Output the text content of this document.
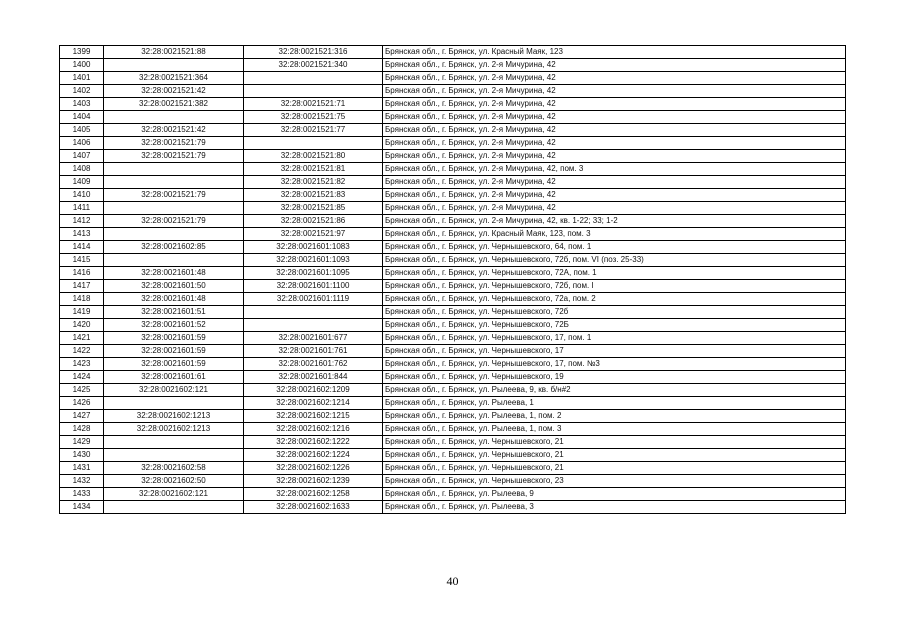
1399	32:28:0021521:88	32:28:0021521:316	Брянская обл., г. Брянск, ул. Красный Маяк, 123
1400		32:28:0021521:340	Брянская обл., г. Брянск, ул. 2-я Мичурина, 42
1401	32:28:0021521:364		Брянская обл., г. Брянск, ул. 2-я Мичурина, 42
1402	32:28:0021521:42		Брянская обл., г. Брянск, ул. 2-я Мичурина, 42
1403	32:28:0021521:382	32:28:0021521:71	Брянская обл., г. Брянск, ул. 2-я Мичурина, 42
1404		32:28:0021521:75	Брянская обл., г. Брянск, ул. 2-я Мичурина, 42
1405	32:28:0021521:42	32:28:0021521:77	Брянская обл., г. Брянск, ул. 2-я Мичурина, 42
1406	32:28:0021521:79		Брянская обл., г. Брянск, ул. 2-я Мичурина, 42
1407	32:28:0021521:79	32:28:0021521:80	Брянская обл., г. Брянск, ул. 2-я Мичурина, 42
1408		32:28:0021521:81	Брянская обл., г. Брянск, ул. 2-я Мичурина, 42, пом. 3
1409		32:28:0021521:82	Брянская обл., г. Брянск, ул. 2-я Мичурина, 42
1410	32:28:0021521:79	32:28:0021521:83	Брянская обл., г. Брянск, ул. 2-я Мичурина, 42
1411		32:28:0021521:85	Брянская обл., г. Брянск, ул. 2-я Мичурина, 42
1412	32:28:0021521:79	32:28:0021521:86	Брянская обл., г. Брянск, ул. 2-я Мичурина, 42, кв. 1-22; 33; 1-2
1413		32:28:0021521:97	Брянская обл., г. Брянск, ул. Красный Маяк, 123, пом. 3
1414	32:28:0021602:85	32:28:0021601:1083	Брянская обл., г. Брянск, ул. Чернышевского, 64, пом. 1
1415		32:28:0021601:1093	Брянская обл., г. Брянск, ул. Чернышевского, 72б, пом. VI (поз. 25-33)
1416	32:28:0021601:48	32:28:0021601:1095	Брянская обл., г. Брянск, ул. Чернышевского, 72А, пом. 1
1417	32:28:0021601:50	32:28:0021601:1100	Брянская обл., г. Брянск, ул. Чернышевского, 72б, пом. I
1418	32:28:0021601:48	32:28:0021601:1119	Брянская обл., г. Брянск, ул. Чернышевского, 72а, пом. 2
1419	32:28:0021601:51		Брянская обл., г. Брянск, ул. Чернышевского, 72б
1420	32:28:0021601:52		Брянская обл., г. Брянск, ул. Чернышевского, 72Б
1421	32:28:0021601:59	32:28:0021601:677	Брянская обл., г. Брянск, ул. Чернышевского, 17, пом. 1
1422	32:28:0021601:59	32:28:0021601:761	Брянская обл., г. Брянск, ул. Чернышевского, 17
1423	32:28:0021601:59	32:28:0021601:762	Брянская обл., г. Брянск, ул. Чернышевского, 17, пом. №3
1424	32:28:0021601:61	32:28:0021601:844	Брянская обл., г. Брянск, ул. Чернышевского, 19
1425	32:28:0021602:121	32:28:0021602:1209	Брянская обл., г. Брянск, ул. Рылеева, 9, кв. б/н#2
1426		32:28:0021602:1214	Брянская обл., г. Брянск, ул. Рылеева, 1
1427	32:28:0021602:1213	32:28:0021602:1215	Брянская обл., г. Брянск, ул. Рылеева, 1, пом. 2
1428	32:28:0021602:1213	32:28:0021602:1216	Брянская обл., г. Брянск, ул. Рылеева, 1, пом. 3
1429		32:28:0021602:1222	Брянская обл., г. Брянск, ул. Чернышевского, 21
1430		32:28:0021602:1224	Брянская обл., г. Брянск, ул. Чернышевского, 21
1431	32:28:0021602:58	32:28:0021602:1226	Брянская обл., г. Брянск, ул. Чернышевского, 21
1432	32:28:0021602:50	32:28:0021602:1239	Брянская обл., г. Брянск, ул. Чернышевского, 23
1433	32:28:0021602:121	32:28:0021602:1258	Брянская обл., г. Брянск, ул. Рылеева, 9
1434		32:28:0021602:1633	Брянская обл., г. Брянск, ул. Рылеева, 3
40
